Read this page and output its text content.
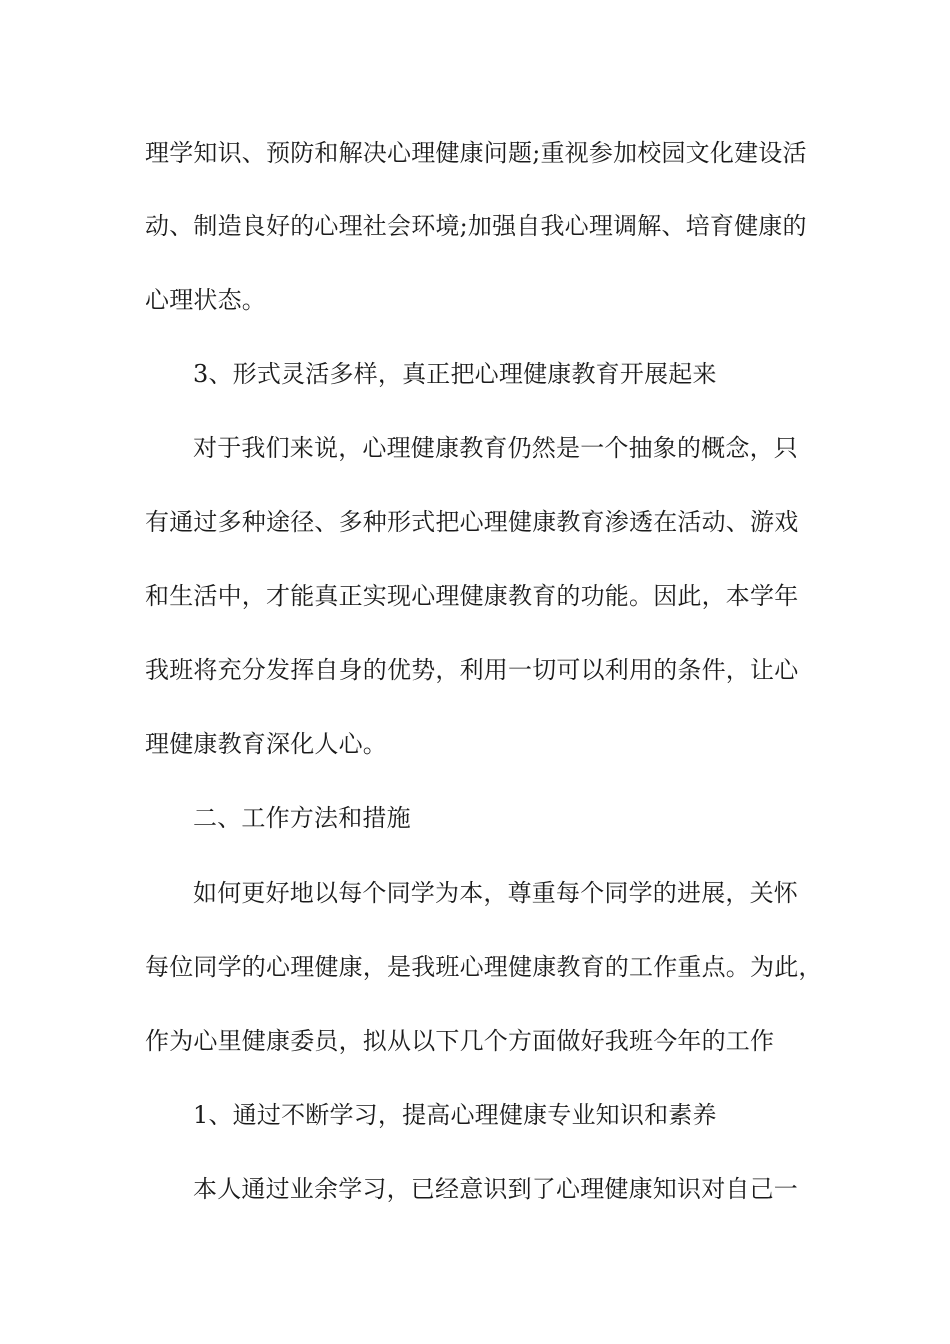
理学知识、预防和解决心理健康问题;重视参加校园文化建设活

动、制造良好的心理社会环境;加强自我心理调解、培育健康的

心理状态。

3、形式灵活多样，真正把心理健康教育开展起来

对于我们来说，心理健康教育仍然是一个抽象的概念，只

有通过多种途径、多种形式把心理健康教育渗透在活动、游戏

和生活中，才能真正实现心理健康教育的功能。因此，本学年

我班将充分发挥自身的优势，利用一切可以利用的条件，让心

理健康教育深化人心。

二、工作方法和措施

如何更好地以每个同学为本，尊重每个同学的进展，关怀

每位同学的心理健康，是我班心理健康教育的工作重点。为此，

作为心里健康委员，拟从以下几个方面做好我班今年的工作

1、通过不断学习，提高心理健康专业知识和素养

本人通过业余学习，已经意识到了心理健康知识对自己一
